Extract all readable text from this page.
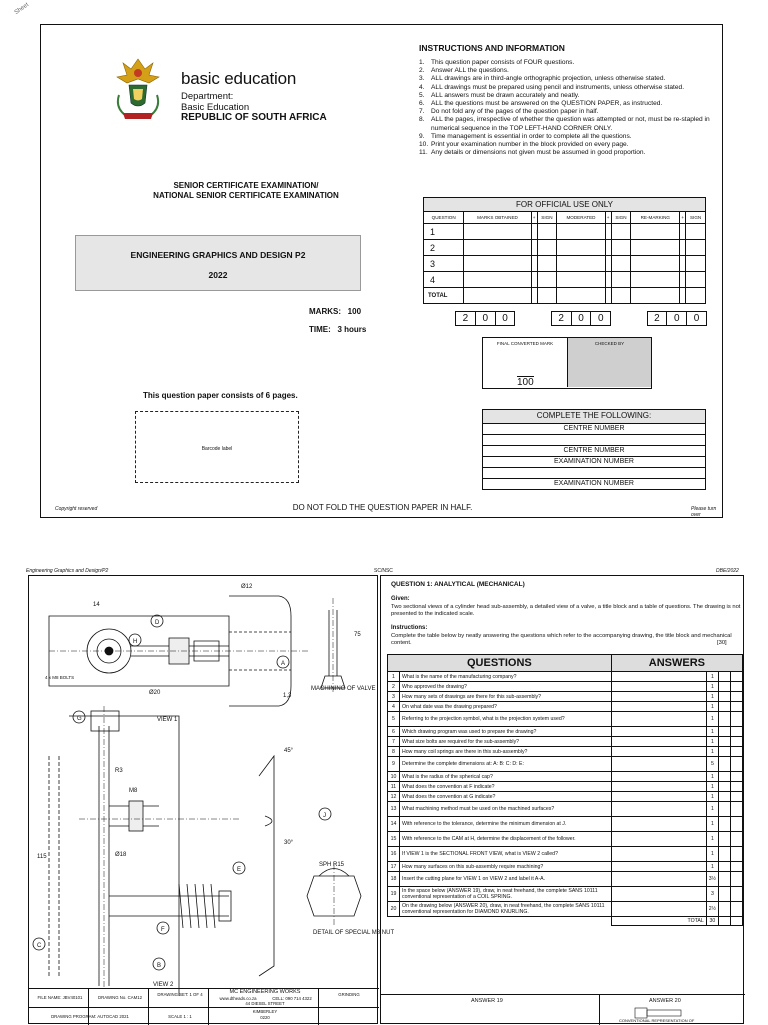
Sheet
basic education
Department:
Basic Education
REPUBLIC OF SOUTH AFRICA
SENIOR CERTIFICATE EXAMINATION/
NATIONAL SENIOR CERTIFICATE EXAMINATION
ENGINEERING GRAPHICS AND DESIGN P2
2022
MARKS:   100
TIME:   3 hours
This question paper consists of 6 pages.
Barcode label
Copyright reserved	DO NOT FOLD THE QUESTION PAPER IN HALF.	Please turn over
INSTRUCTIONS AND INFORMATION
1. This question paper consists of FOUR questions.
2. Answer ALL the questions.
3. ALL drawings are in third-angle orthographic projection, unless otherwise stated.
4. ALL drawings must be prepared using pencil and instruments, unless otherwise stated.
5. ALL answers must be drawn accurately and neatly.
6. ALL the questions must be answered on the QUESTION PAPER, as instructed.
7. Do not fold any of the pages of the question paper in half.
8. ALL the pages, irrespective of whether the question was attempted or not, must be re-stapled in numerical sequence in the TOP LEFT-HAND CORNER ONLY.
9. Time management is essential in order to complete all the questions.
10. Print your examination number in the block provided on every page.
11. Any details or dimensions not given must be assumed in good proportion.
FOR OFFICIAL USE ONLY									
QUESTION	MARKS OBTAINED	+	SIGN	MODERATED	+	SIGN	RE-MARKING	+	SIGN
1									
2									
3									
4									
TOTAL									
2	0	0		2	0	0		2	0	0
FINAL CONVERTED MARK
100
CHECKED BY
COMPLETE THE FOLLOWING:
CENTRE NUMBER
CENTRE NUMBER
EXAMINATION NUMBER
EXAMINATION NUMBER
Engineering Graphics and Design/P2	SC/NSC	DBE/2022
Ø12
14
Ø20
4 x M8 BOLTS
75
1,3
VIEW 1
MACHINING OF VALVE
45°
30°
R3
M8
Ø18
115
SPH R15
DETAIL OF SPECIAL M8 NUT
VIEW 2
D
H
A
G
J
E
F
C
B
FILE NAME: JBV40101	DRAWING No. CAM12
DRAWING SET: 1 OF 4	MC ENGINEERING WORKS
www.dtheads.co.za	CELL: 090 714 4322
44 DIESEL STREET
KIMBERLEY
0220
GRINDING
DRAWING PROGRAM: AUTOCAD 2021	SCALE 1 : 1
QUESTION 1: ANALYTICAL (MECHANICAL)
Given:
Two sectional views of a cylinder head sub-assembly, a detailed view of a valve, a title block and a table of questions. The drawing is not presented to the indicated scale.
Instructions:
Complete the table below by neatly answering the questions which refer to the accompanying drawing, the title block and mechanical content.	[30]
QUESTIONS		ANSWERS			
1	What is the name of the manufacturing company?		1		
2	Who approved the drawing?		1		
3	How many sets of drawings are there for this sub-assembly?		1		
4	On what date was the drawing prepared?		1		
5	Referring to the projection symbol, what is the projection system used?		1		
6	Which drawing program was used to prepare the drawing?		1		
7	What size bolts are required for the sub-assembly?		1		
8	How many coil springs are there in this sub-assembly?		1		
9	Determine the complete dimensions at: A: B: C: D: E:		5		
10	What is the radius of the spherical cap?		1		
11	What does the convention at F indicate?		1		
12	What does the convention at G indicate?		1		
13	What machining method must be used on the machined surfaces?		1		
14	With reference to the tolerance, determine the minimum dimension at J.		1		
15	With reference to the CAM at H, determine the displacement of the follower.		1		
16	If VIEW 1 is the SECTIONAL FRONT VIEW, what is VIEW 2 called?		1		
17	How many surfaces on this sub-assembly require machining?		1		
18	Insert the cutting plane for VIEW 1 on VIEW 2 and label it A-A.		3½		
19	In the space below (ANSWER 19), draw, in neat freehand, the complete SANS 10111 conventional representation of a COIL SPRING.		3		
20	On the drawing below (ANSWER 20), draw, in neat freehand, the complete SANS 10111 conventional representation for DIAMOND KNURLING.		2½		
		TOTAL	30		
ANSWER 19	ANSWER 20
CONVENTIONAL REPRESENTATION OF
